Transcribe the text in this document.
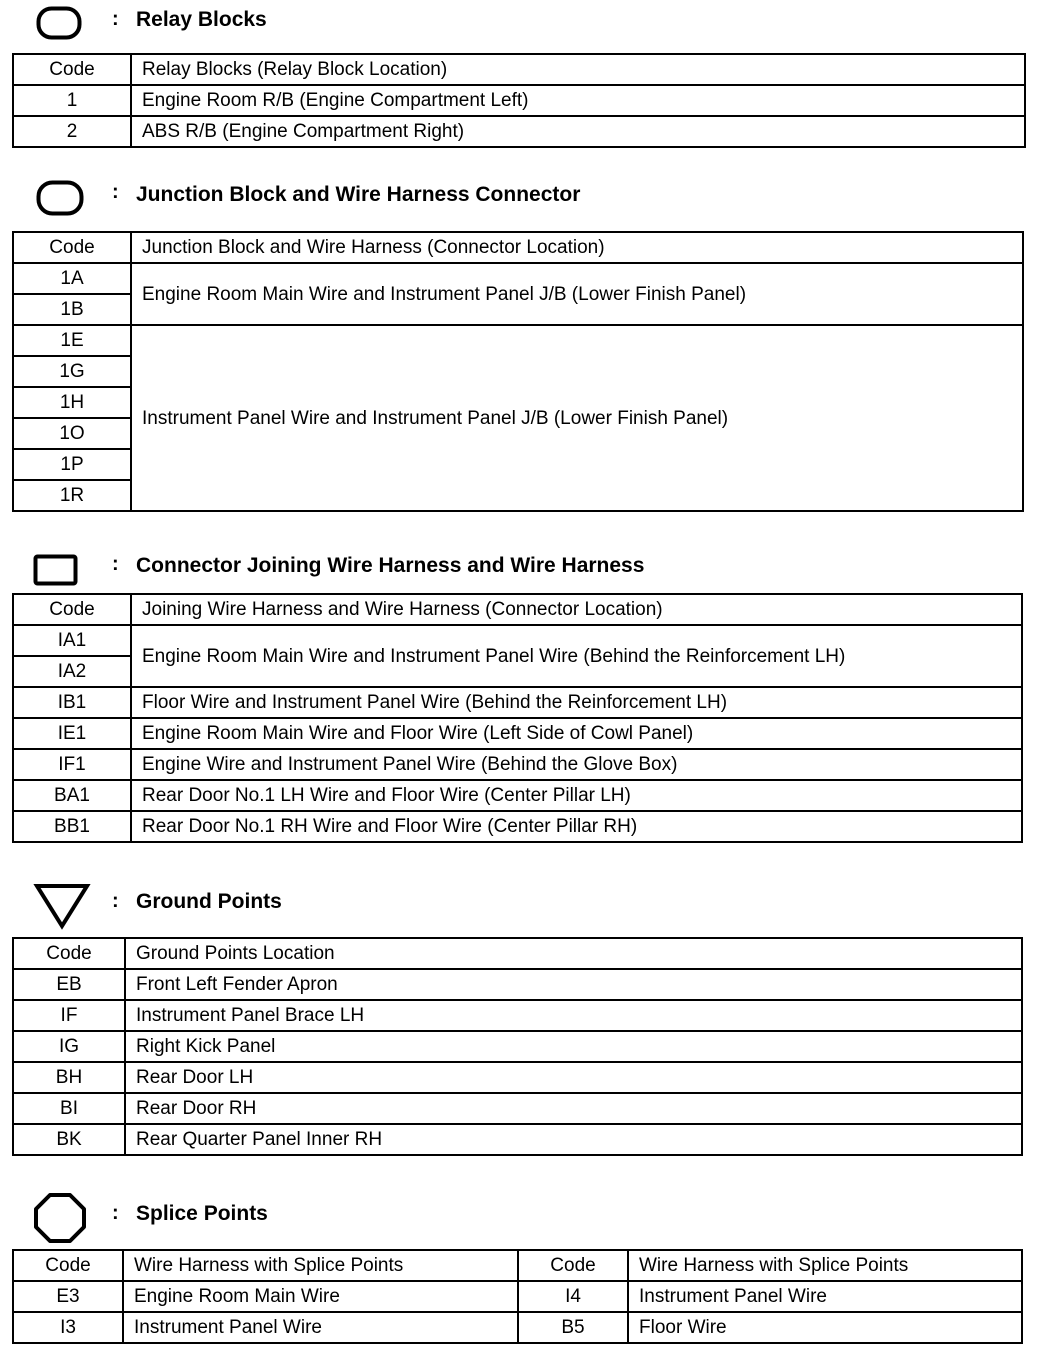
: Relay Blocks
Code	Relay Blocks (Relay Block Location)
1	Engine Room R/B (Engine Compartment Left)
2	ABS R/B (Engine Compartment Right)
: Junction Block and Wire Harness Connector
Code	Junction Block and Wire Harness (Connector Location)
1A	Engine Room Main Wire and Instrument Panel J/B (Lower Finish Panel)
1B	
1E	Instrument Panel Wire and Instrument Panel J/B (Lower Finish Panel)
1G	
1H	
1O	
1P	
1R	
: Connector Joining Wire Harness and Wire Harness
Code	Joining Wire Harness and Wire Harness (Connector Location)
IA1	Engine Room Main Wire and Instrument Panel Wire (Behind the Reinforcement LH)
IA2	
IB1	Floor Wire and Instrument Panel Wire (Behind the Reinforcement LH)
IE1	Engine Room Main Wire and Floor Wire (Left Side of Cowl Panel)
IF1	Engine Wire and Instrument Panel Wire (Behind the Glove Box)
BA1	Rear Door No.1 LH Wire and Floor Wire (Center Pillar LH)
BB1	Rear Door No.1 RH Wire and Floor Wire (Center Pillar RH)
: Ground Points
Code	Ground Points Location
EB	Front Left Fender Apron
IF	Instrument Panel Brace LH
IG	Right Kick Panel
BH	Rear Door LH
BI	Rear Door RH
BK	Rear Quarter Panel Inner RH
: Splice Points
Code	Wire Harness with Splice Points	Code	Wire Harness with Splice Points
E3	Engine Room Main Wire	I4	Instrument Panel Wire
I3	Instrument Panel Wire	B5	Floor Wire
